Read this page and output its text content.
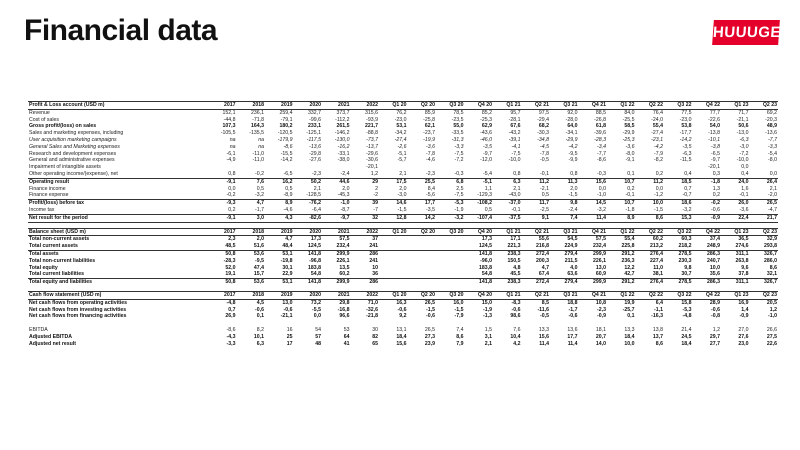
Financial data	HUUUGE
Profit & Loss account (USD m)	2017	2018	2019	2020	2021	2022	Q1 20	Q2 20	Q3 20	Q4 20	Q1 21	Q2 21	Q3 21	Q4 21	Q1 22	Q2 22	Q3 22	Q4 22	Q1 23	Q2 23
Revenue	152,1	236,1	259,4	332,7	373,7	315,6	76,2	85,9	78,5	85,2	95,7	97,5	92,0	88,5	84,0	76,4	77,5	77,7	71,7	69,2
Cost of sales	-44,8	-71,8	-79,1	-99,6	-112,2	-93,9	-23,0	-25,8	-23,5	-25,3	-28,1	-29,4	-28,0	-26,8	-25,5	-24,0	-23,0	-22,6	-21,1	-20,3
Gross profit/(loss) on sales	107,3	164,3	180,2	233,1	261,5	221,7	53,1	62,1	55,0	62,9	67,6	68,2	64,0	61,8	58,5	55,4	53,8	54,0	50,6	48,9
Sales and marketing expenses, including	-105,5	-135,5	-120,5	-125,1	-146,2	-88,8	-34,2	-23,7	-33,5	-43,6	-43,2	-30,3	-34,1	-39,6	-29,9	-27,4	-17,7	-13,8	-13,0	-13,6
User acquisition marketing campaigns	na	na	-179,9	-117,5	-130,0	-73,7	-27,4	-19,9	-31,3	-46,0	-39,1	-34,8	-29,9	-28,3	-25,3	-23,1	-14,2	-10,1	-6,3	-7,7
General Sales and Marketing expenses	na	na	-8,6	-13,6	-16,2	-13,7	-2,6	-3,6	-3,3	-3,5	-4,1	-4,5	-4,2	-3,4	-3,6	-4,2	-3,5	-3,8	-3,0	-3,3
Research and development expenses	-6,1	-11,0	-15,5	-29,8	-33,1	-29,6	-5,1	-7,8	-7,5	-9,7	-7,5	-7,8	-9,5	-7,7	-8,0	-7,9	-6,3	-6,5	-7,2	-5,4
General and administrative expenses	-4,9	-11,0	-14,2	-27,6	-38,0	-30,6	-5,7	-4,6	-7,2	-12,0	-10,0	-0,5	-9,9	-8,6	-9,1	-8,2	-11,5	-9,7	-10,0	-8,0
Impairment of intangible assets						-20,1												-20,1	0,0	
Other operating income/(expense), net	0,8	-0,2	-6,5	-2,3	-2,4	1,2	2,1	-2,3	-0,3	-5,4	0,8	-0,1	0,8	-0,3	0,1	0,2	0,4	0,3	0,4	0,0
Operating result	-9,1	7,6	16,2	50,2	44,6	29	17,5	25,5	6,8	-5,1	6,3	11,2	11,3	15,6	10,7	11,2	18,5	-1,8	24,0	26,4
Finance income	0,0	0,5	0,5	2,1	2,0	2	2,0	8,4	2,5	1,1	2,1	-2,1	2,0	0,0	0,2	0,0	0,7	1,3	1,6	2,1
Finance expense	-0,2	-3,2	-8,9	-128,5	-45,3	-2	-3,0	-5,6	-7,5	-129,3	-43,0	0,5	-1,5	-1,0	-0,1	-1,2	-0,7	0,2	-0,1	-2,0
Profit/(loss) before tax	-9,3	4,7	8,9	-76,2	-1,0	39	14,6	17,7	-5,3	-108,2	-37,0	11,7	9,8	14,5	10,7	10,0	18,6	-0,2	26,0	26,5
Income tax	0,2	-1,7	-4,6	-6,4	-8,7	-7	-1,5	-3,5	-1,9	0,5	-0,1	-2,5	-2,4	-3,2	-1,8	-1,5	-3,2	-0,6	-3,6	-4,7
Net result for the period	-9,1	3,0	4,3	-82,6	-9,7	32	12,8	14,2	-3,2	-107,4	-37,5	9,1	7,4	11,4	8,9	8,6	15,3	-0,9	22,4	21,7
Balance sheet (USD m)	2017	2018	2019	2020	2021	2022	Q1 20	Q2 20	Q3 20	Q4 20	Q1 21	Q2 21	Q3 21	Q4 21	Q1 22	Q2 22	Q3 22	Q4 22	Q1 23	Q2 23
Total non-current assets	2,3	2,0	4,7	17,3	57,5	37				17,3	17,1	55,6	54,5	57,5	55,4	60,2	60,3	37,4	36,5	32,9
Total current assets	48,5	51,6	48,4	124,5	232,4	241				124,5	221,3	216,8	224,9	232,4	225,8	213,2	218,2	248,9	274,6	293,8
Total assets	50,8	53,6	53,1	141,8	299,9	286				141,8	238,3	272,4	279,4	299,9	291,2	276,4	278,5	286,3	311,1	326,7
Total non-current liabilities	-28,3	-9,5	-19,8	-96,8	226,1	241				-96,0	150,5	200,3	211,5	226,1	236,3	227,4	230,3	240,7	263,8	286,0
Total equity	52,0	47,4	30,1	183,8	13,5	10				183,8	4,8	4,7	4,0	13,0	12,2	11,0	9,8	10,0	9,6	8,6
Total current liabilities	19,1	15,7	22,9	54,8	60,2	36				54,8	45,5	67,4	63,6	60,9	42,7	38,1	30,7	35,6	37,8	32,1
Total equity and liabilities	50,8	53,6	53,1	141,8	299,9	286				141,8	238,3	272,4	279,4	299,9	291,2	276,4	278,5	286,3	311,1	326,7
Cash flow statement (USD m)	2017	2018	2019	2020	2021	2022	Q1 20	Q2 20	Q3 20	Q4 20	Q1 21	Q2 21	Q3 21	Q4 21	Q1 22	Q2 22	Q3 22	Q4 22	Q1 23	Q2 23
Net cash flows from operating activities	-4,8	4,5	13,0	73,2	29,8	71,0	16,3	26,5	16,0	15,0	-8,3	8,5	18,8	10,8	19,9	6,4	15,8	28,9	16,9	20,5
Net cash flows from investing activities	0,7	-0,6	-0,6	-5,5	-16,8	-32,6	-0,6	-1,5	-1,5	-1,9	-0,6	-11,6	-1,7	-2,3	-25,7	-1,1	-5,3	-0,6	1,4	1,2
Net cash flows from financing activities	26,9	0,1	-21,1	0,0	96,6	-21,8	9,2	-0,6	-7,9	-1,3	98,6	-0,5	-0,6	-0,9	0,1	-16,3	-4,8	-0,8	-0,9	-1,0

EBITDA	-8,6	8,2	16	54	53	30	13,1	26,5	7,4	1,5	7,6	13,3	13,6	18,1	13,3	13,8	21,4	1,2	27,0	26,6
Adjusted EBITDA	-4,3	10,1	25	57	64	82	18,4	27,3	8,6	3,1	10,4	15,6	17,7	20,7	18,4	13,7	24,5	29,7	27,6	27,5
Adjusted net result	-3,3	6,3	17	48	41	65	15,6	23,9	7,9	2,1	4,2	11,4	11,4	14,0	10,0	8,6	18,4	27,7	23,0	22,6
